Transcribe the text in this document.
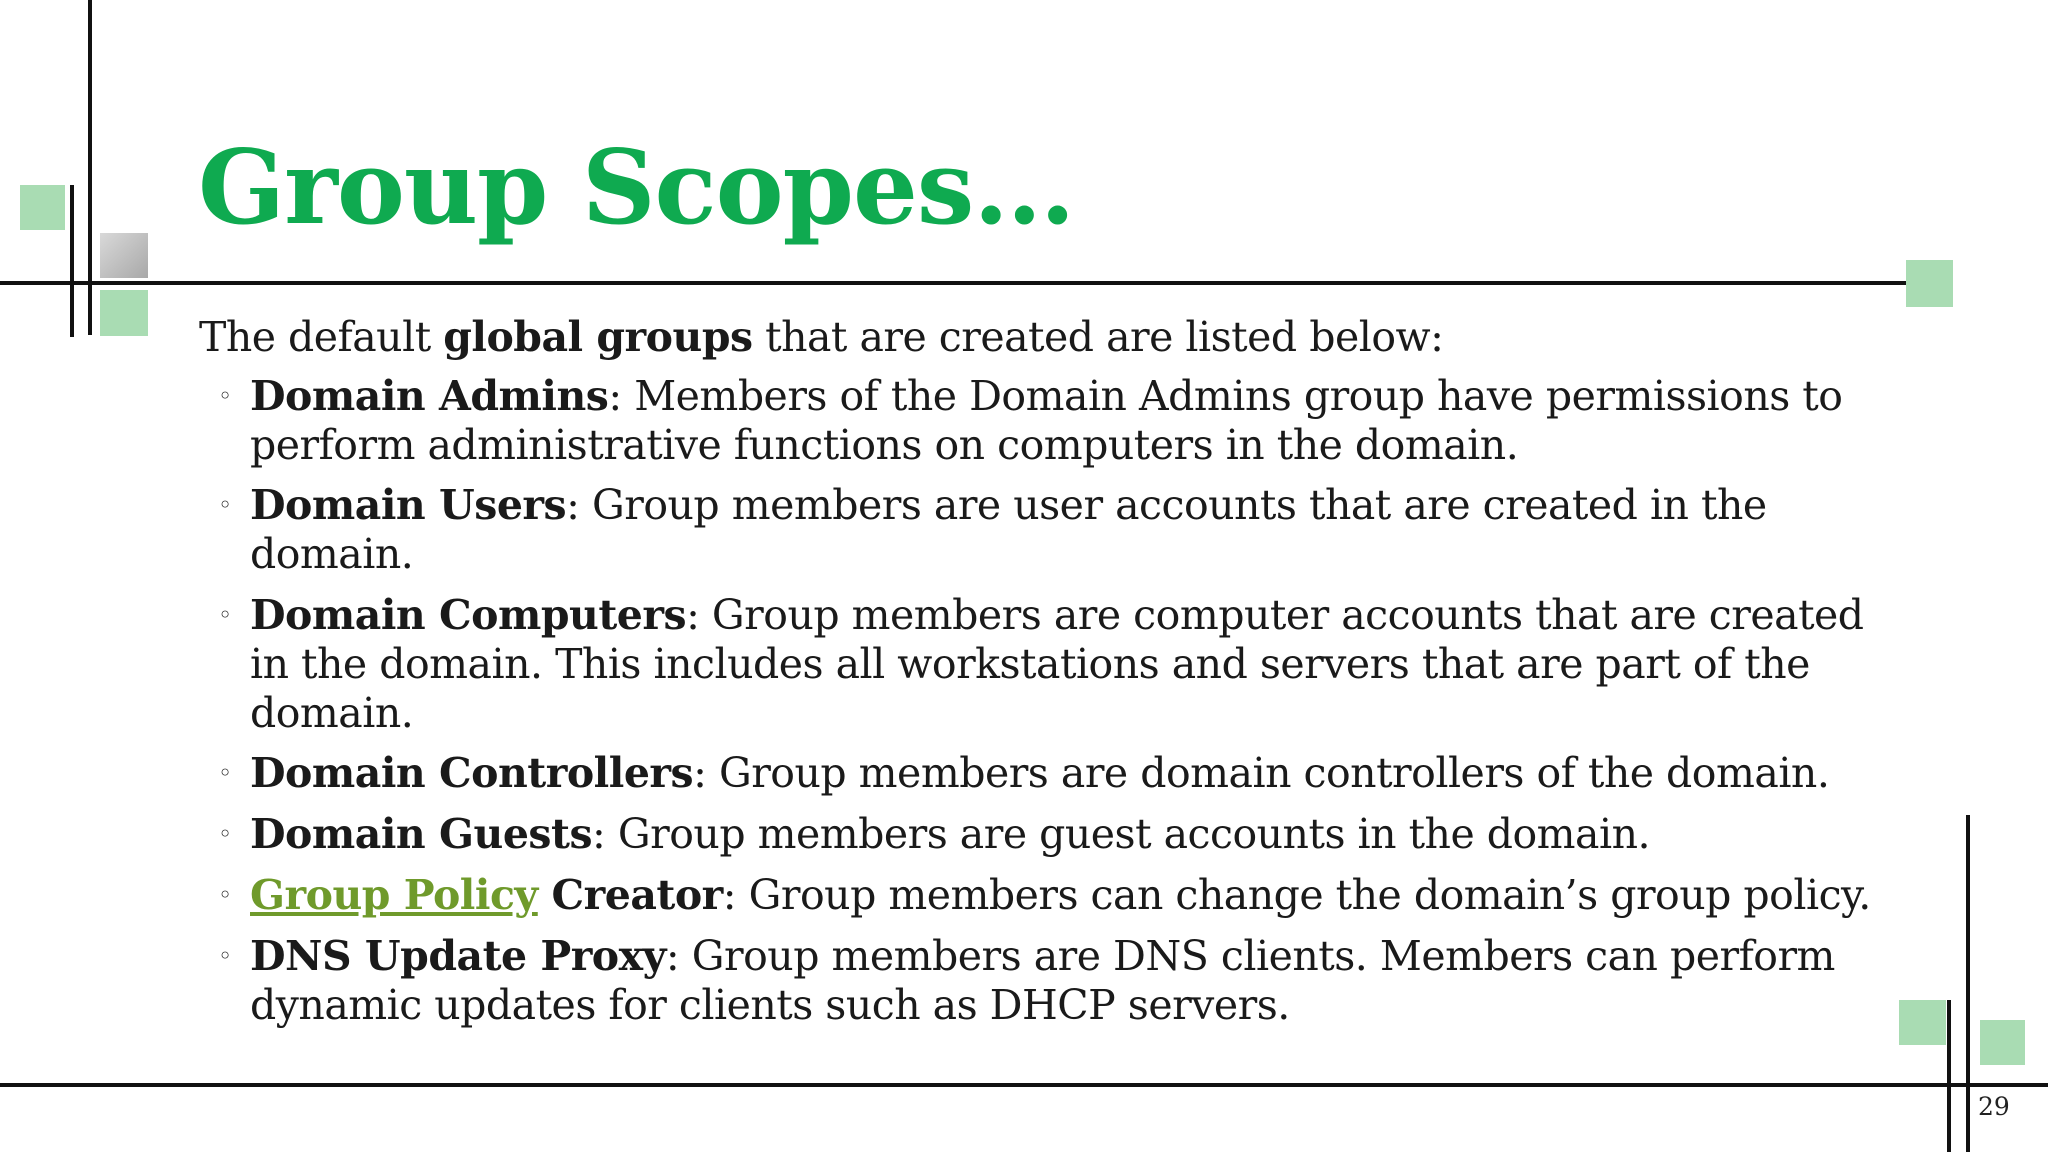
Group Scopes…
The default global groups that are created are listed below:
◦ Domain Admins: Members of the Domain Admins group have permissions to perform administrative functions on computers in the domain.
◦ Domain Users: Group members are user accounts that are created in the domain.
◦ Domain Computers: Group members are computer accounts that are created in the domain. This includes all workstations and servers that are part of the domain.
◦ Domain Controllers: Group members are domain controllers of the domain.
◦ Domain Guests: Group members are guest accounts in the domain.
◦ Group Policy Creator: Group members can change the domain’s group policy.
◦ DNS Update Proxy: Group members are DNS clients. Members can perform dynamic updates for clients such as DHCP servers.
29
